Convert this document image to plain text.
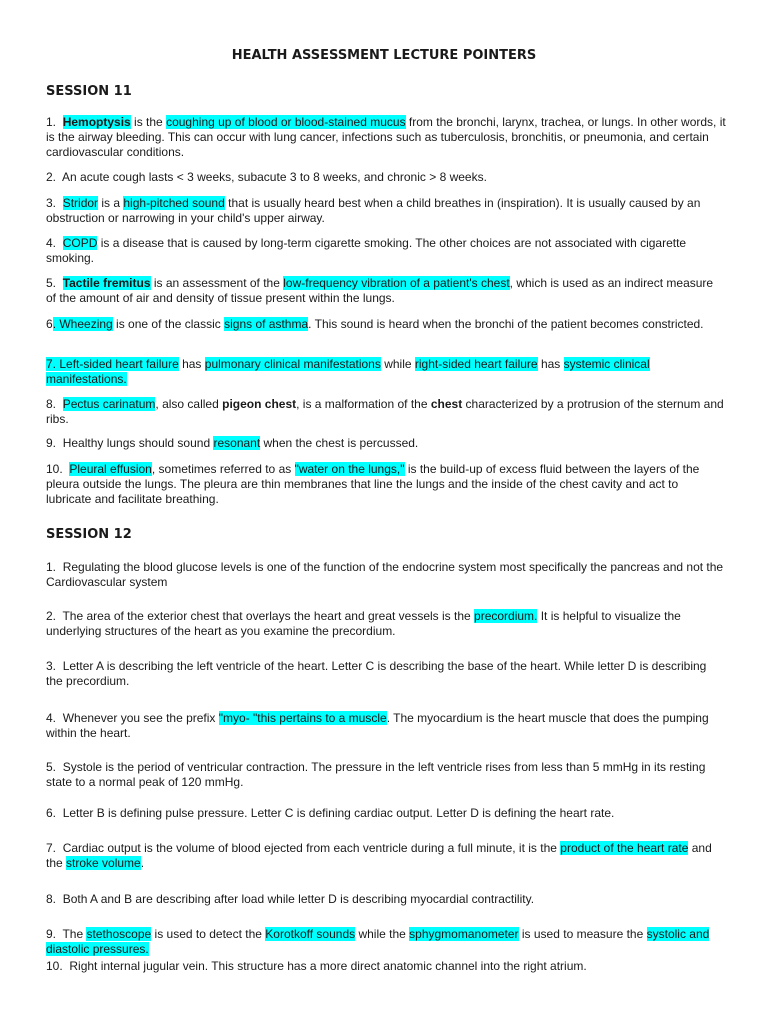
HEALTH ASSESSMENT LECTURE POINTERS
SESSION 11

1.  Hemoptysis is the coughing up of blood or blood-stained mucus from the bronchi, larynx, trachea, or lungs. In other words, it is the airway bleeding. This can occur with lung cancer, infections such as tuberculosis, bronchitis, or pneumonia, and certain cardiovascular conditions.

2.  An acute cough lasts < 3 weeks, subacute 3 to 8 weeks, and chronic > 8 weeks.

3.  Stridor is a high-pitched sound that is usually heard best when a child breathes in (inspiration). It is usually caused by an obstruction or narrowing in your child's upper airway.

4.  COPD is a disease that is caused by long-term cigarette smoking. The other choices are not associated with cigarette smoking.

5.  Tactile fremitus is an assessment of the low-frequency vibration of a patient's chest, which is used as an indirect measure of the amount of air and density of tissue present within the lungs.

6. Wheezing is one of the classic signs of asthma. This sound is heard when the bronchi of the patient becomes constricted.

7. Left-sided heart failure has pulmonary clinical manifestations while right-sided heart failure has systemic clinical manifestations.

8.  Pectus carinatum, also called pigeon chest, is a malformation of the chest characterized by a protrusion of the sternum and ribs.

9.  Healthy lungs should sound resonant when the chest is percussed.

10.  Pleural effusion, sometimes referred to as "water on the lungs," is the build-up of excess fluid between the layers of the pleura outside the lungs. The pleura are thin membranes that line the lungs and the inside of the chest cavity and act to lubricate and facilitate breathing.

SESSION 12

1.  Regulating the blood glucose levels is one of the function of the endocrine system most specifically the pancreas and not the Cardiovascular system

2.  The area of the exterior chest that overlays the heart and great vessels is the precordium. It is helpful to visualize the underlying structures of the heart as you examine the precordium.

3.  Letter A is describing the left ventricle of the heart. Letter C is describing the base of the heart. While letter D is describing the precordium.

4.  Whenever you see the prefix "myo- "this pertains to a muscle. The myocardium is the heart muscle that does the pumping within the heart.

5.  Systole is the period of ventricular contraction. The pressure in the left ventricle rises from less than 5 mmHg in its resting state to a normal peak of 120 mmHg.

6.  Letter B is defining pulse pressure. Letter C is defining cardiac output. Letter D is defining the heart rate.

7.  Cardiac output is the volume of blood ejected from each ventricle during a full minute, it is the product of the heart rate and the stroke volume.

8.  Both A and B are describing after load while letter D is describing myocardial contractility.

9.  The stethoscope is used to detect the Korotkoff sounds while the sphygmomanometer is used to measure the systolic and diastolic pressures.

10.  Right internal jugular vein. This structure has a more direct anatomic channel into the right atrium.
